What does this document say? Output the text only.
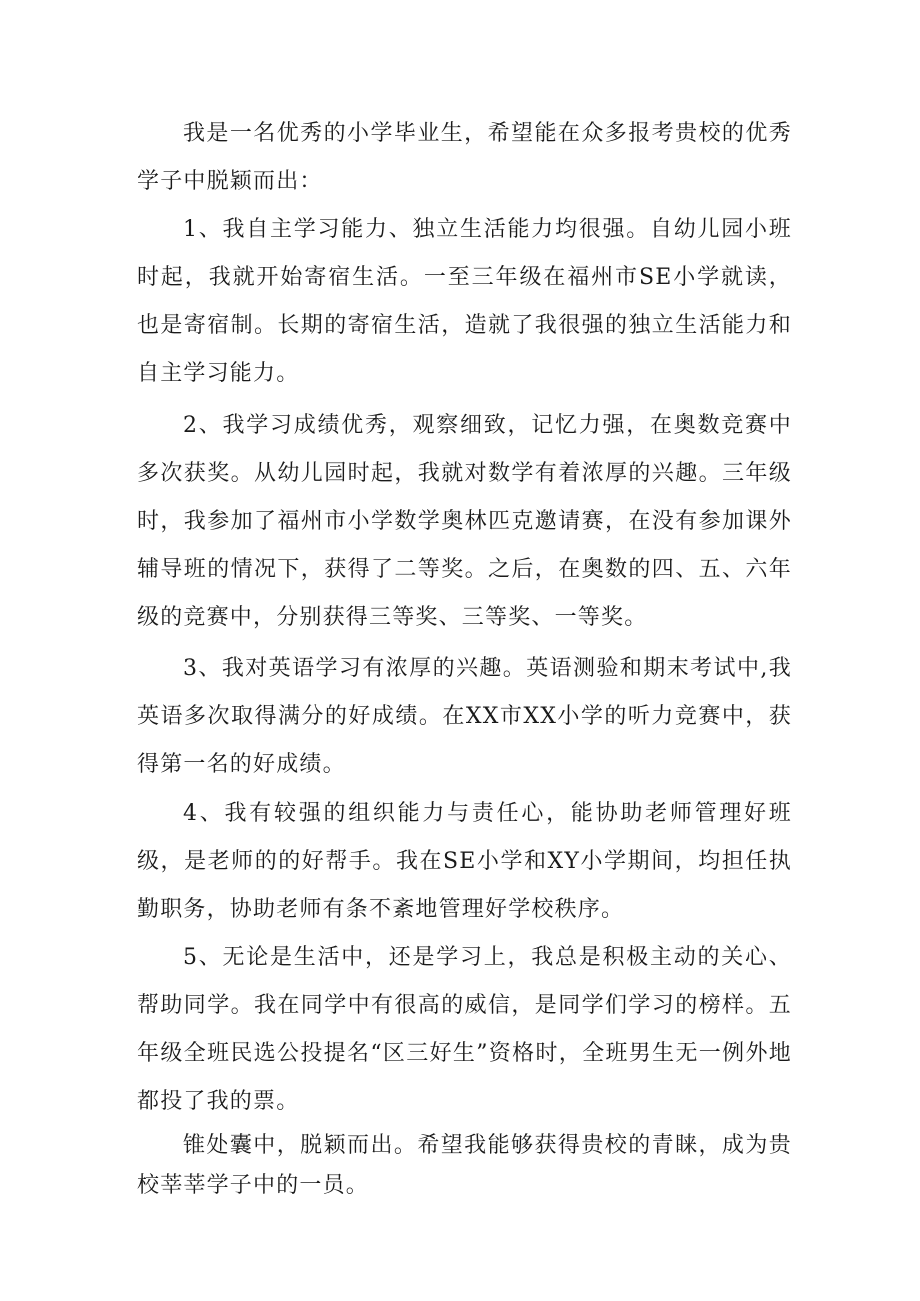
我是一名优秀的小学毕业生，希望能在众多报考贵校的优秀学子中脱颖而出：

1、我自主学习能力、独立生活能力均很强。自幼儿园小班时起，我就开始寄宿生活。一至三年级在福州市SE小学就读，也是寄宿制。长期的寄宿生活，造就了我很强的独立生活能力和自主学习能力。

2、我学习成绩优秀，观察细致，记忆力强，在奥数竞赛中多次获奖。从幼儿园时起，我就对数学有着浓厚的兴趣。三年级时，我参加了福州市小学数学奥林匹克邀请赛，在没有参加课外辅导班的情况下，获得了二等奖。之后，在奥数的四、五、六年级的竞赛中，分别获得三等奖、三等奖、一等奖。

3、我对英语学习有浓厚的兴趣。英语测验和期末考试中,我英语多次取得满分的好成绩。在XX市XX小学的听力竞赛中，获得第一名的好成绩。

4、我有较强的组织能力与责任心，能协助老师管理好班级，是老师的的好帮手。我在SE小学和XY小学期间，均担任执勤职务，协助老师有条不紊地管理好学校秩序。

5、无论是生活中，还是学习上，我总是积极主动的关心、帮助同学。我在同学中有很高的威信，是同学们学习的榜样。五年级全班民选公投提名“区三好生”资格时，全班男生无一例外地都投了我的票。

锥处囊中，脱颖而出。希望我能够获得贵校的青睐，成为贵校莘莘学子中的一员。
